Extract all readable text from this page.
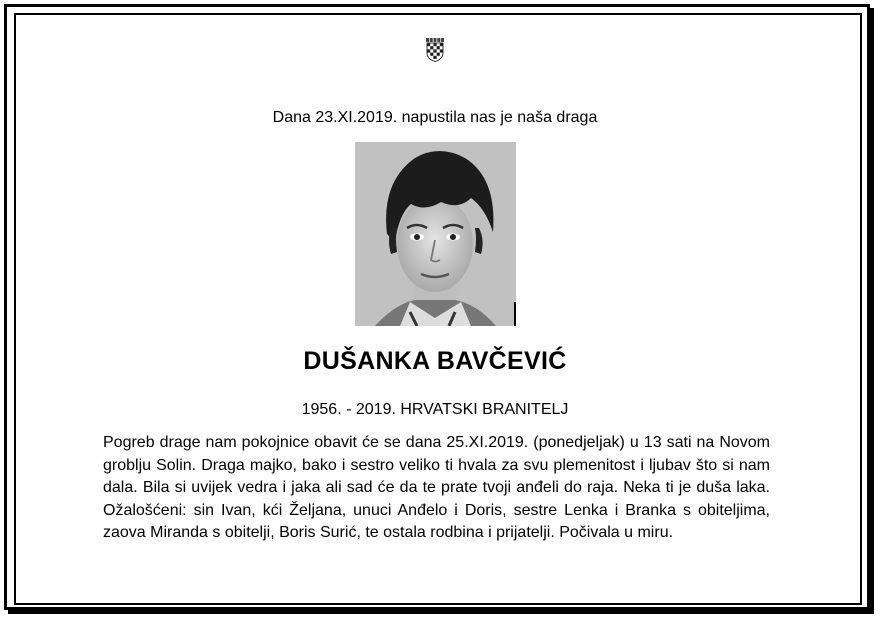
Dana 23.XI.2019. napustila nas je naša draga
DUŠANKA BAVČEVIĆ
1956. - 2019. HRVATSKI BRANITELJ
Pogreb drage nam pokojnice obavit će se dana 25.XI.2019. (ponedjeljak) u 13 sati na Novom groblju Solin. Draga majko, bako i sestro veliko ti hvala za svu plemenitost i ljubav što si nam dala. Bila si uvijek vedra i jaka ali sad će da te prate tvoji anđeli do raja. Neka ti je duša laka. Ožalošćeni: sin Ivan, kći Željana, unuci Anđelo i Doris, sestre Lenka i Branka s obiteljima, zaova Miranda s obitelji, Boris Surić, te ostala rodbina i prijatelji. Počivala u miru.
